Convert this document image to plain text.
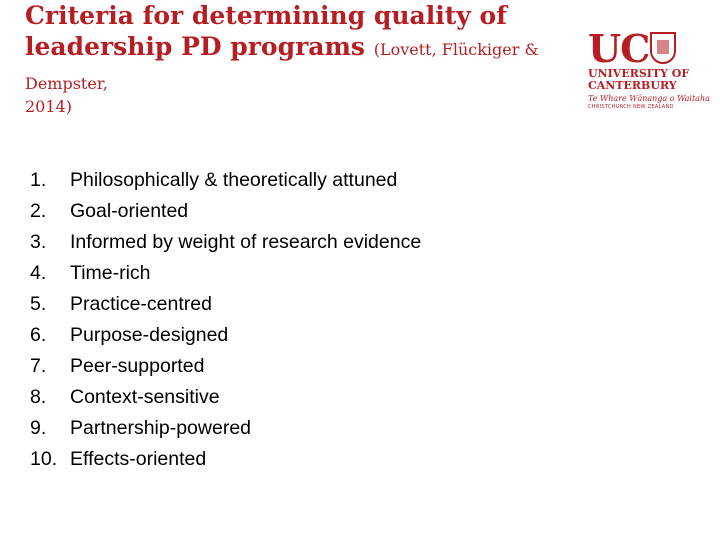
Criteria for determining quality of leadership PD programs (Lovett, Flückiger & Dempster,
2014)
UC
UNIVERSITY OF
CANTERBURY
Te Whare Wānanga o Waitaha
CHRISTCHURCH NEW ZEALAND
1.	Philosophically & theoretically attuned
2.	Goal-oriented
3.	Informed by weight of research evidence
4.	Time-rich
5.	Practice-centred
6.	Purpose-designed
7.	Peer-supported
8.	Context-sensitive
9.	Partnership-powered
10. Effects-oriented
